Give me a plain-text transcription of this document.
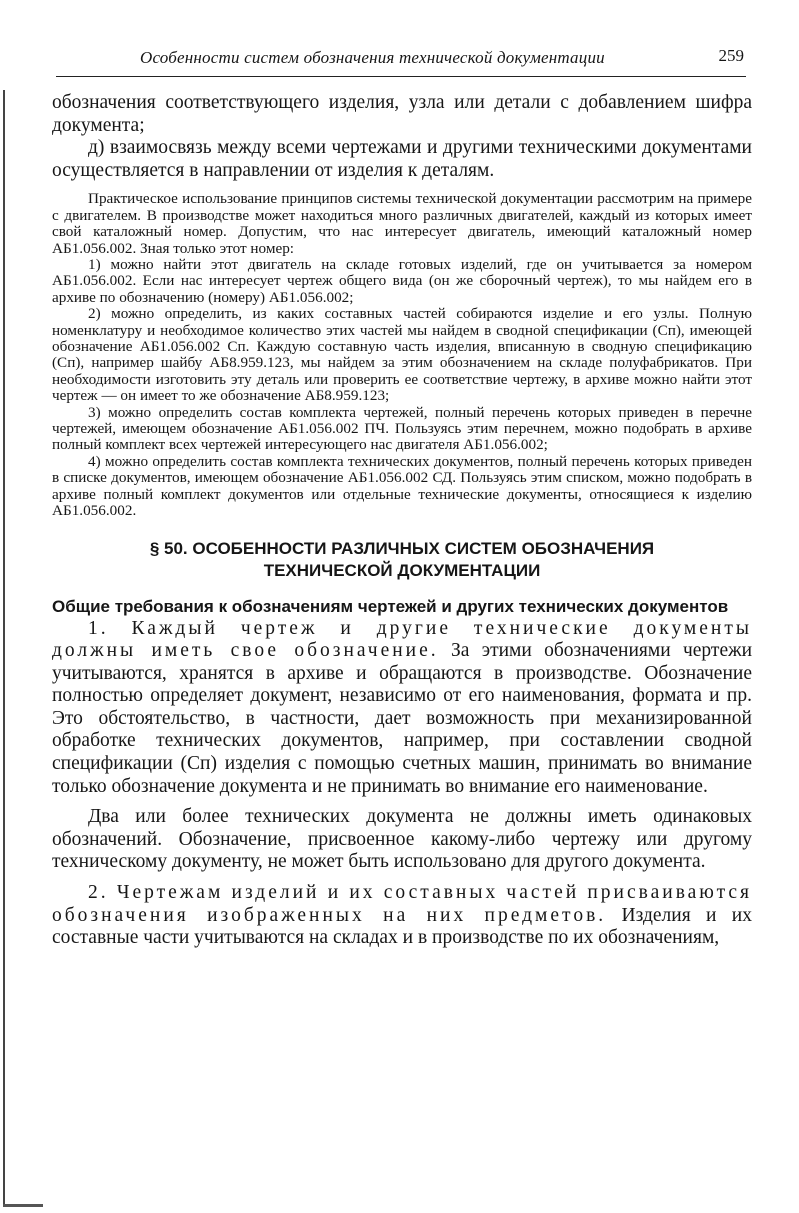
Особенности систем обозначения технической документации	259

обозначения соответствующего изделия, узла или детали с добавлением шифра документа;

д) взаимосвязь между всеми чертежами и другими техническими документами осуществляется в направлении от изделия к деталям.

Практическое использование принципов системы технической документации рассмотрим на примере с двигателем. В производстве может находиться много различных двигателей, каждый из которых имеет свой каталожный номер. Допустим, что нас интересует двигатель, имеющий каталожный номер АБ1.056.002. Зная только этот номер:

1) можно найти этот двигатель на складе готовых изделий, где он учитывается за номером АБ1.056.002. Если нас интересует чертеж общего вида (он же сборочный чертеж), то мы найдем его в архиве по обозначению (номеру) АБ1.056.002;

2) можно определить, из каких составных частей собираются изделие и его узлы. Полную номенклатуру и необходимое количество этих частей мы найдем в сводной спецификации (Сп), имеющей обозначение АБ1.056.002 Сп. Каждую составную часть изделия, вписанную в сводную спецификацию (Сп), например шайбу АБ8.959.123, мы найдем за этим обозначением на складе полуфабрикатов. При необходимости изготовить эту деталь или проверить ее соответствие чертежу, в архиве можно найти этот чертеж — он имеет то же обозначение АБ8.959.123;

3) можно определить состав комплекта чертежей, полный перечень которых приведен в перечне чертежей, имеющем обозначение АБ1.056.002 ПЧ. Пользуясь этим перечнем, можно подобрать в архиве полный комплект всех чертежей интересующего нас двигателя АБ1.056.002;

4) можно определить состав комплекта технических документов, полный перечень которых приведен в списке документов, имеющем обозначение АБ1.056.002 СД. Пользуясь этим списком, можно подобрать в архиве полный комплект документов или отдельные технические документы, относящиеся к изделию АБ1.056.002.

§ 50. ОСОБЕННОСТИ РАЗЛИЧНЫХ СИСТЕМ ОБОЗНАЧЕНИЯ
ТЕХНИЧЕСКОЙ ДОКУМЕНТАЦИИ
Общие требования к обозначениям чертежей и других технических документов

1. Каждый чертеж и другие технические документы должны иметь свое обозначение. За этими обозначениями чертежи учитываются, хранятся в архиве и обращаются в производстве. Обозначение полностью определяет документ, независимо от его наименования, формата и пр. Это обстоятельство, в частности, дает возможность при механизированной обработке технических документов, например, при составлении сводной спецификации (Сп) изделия с помощью счетных машин, принимать во внимание только обозначение документа и не принимать во внимание его наименование.

Два или более технических документа не должны иметь одинаковых обозначений. Обозначение, присвоенное какому-либо чертежу или другому техническому документу, не может быть использовано для другого документа.

2. Чертежам изделий и их составных частей присваиваются обозначения изображенных на них предметов. Изделия и их составные части учитываются на складах и в производстве по их обозначениям,
